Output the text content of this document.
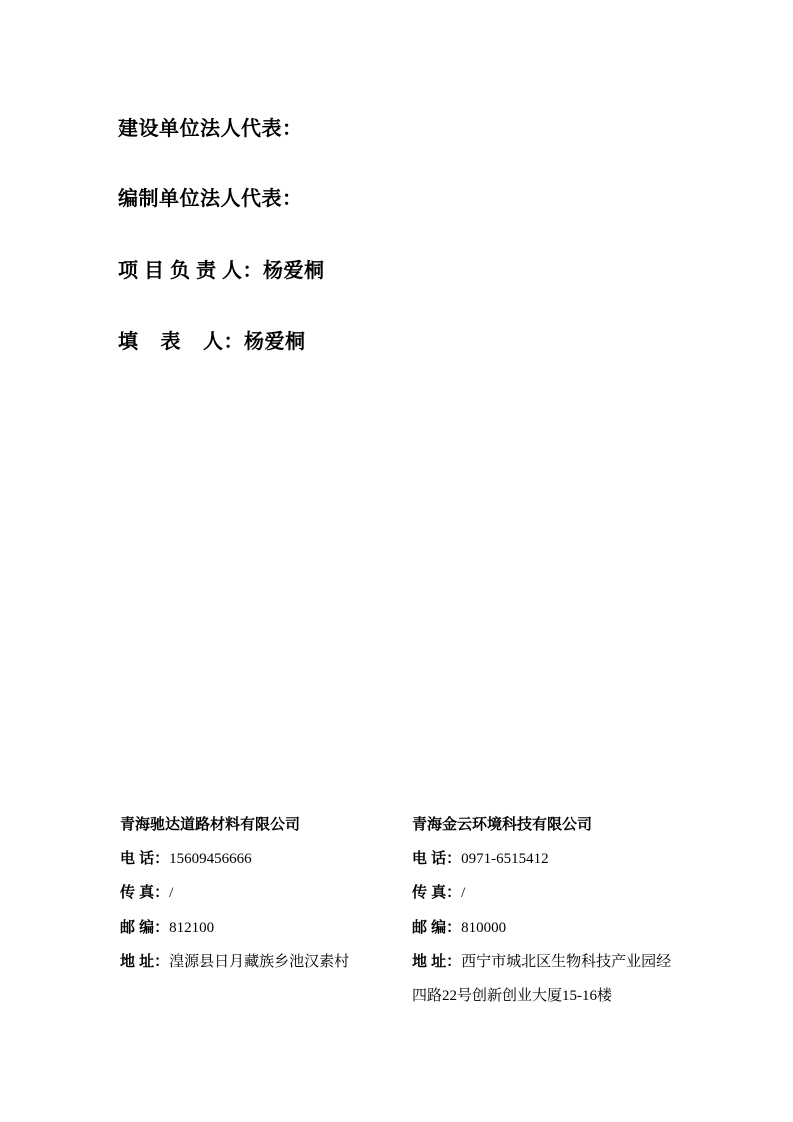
建设单位法人代表：
编制单位法人代表：
项 目 负 责 人：杨爱桐
填    表    人：杨爱桐
青海驰达道路材料有限公司
电 话：15609456666
传 真：/
邮 编：812100
地 址：湟源县日月藏族乡池汉素村
青海金云环境科技有限公司
电 话：0971-6515412
传 真：/
邮 编：810000
地 址：西宁市城北区生物科技产业园经
四路22号创新创业大厦15-16楼
